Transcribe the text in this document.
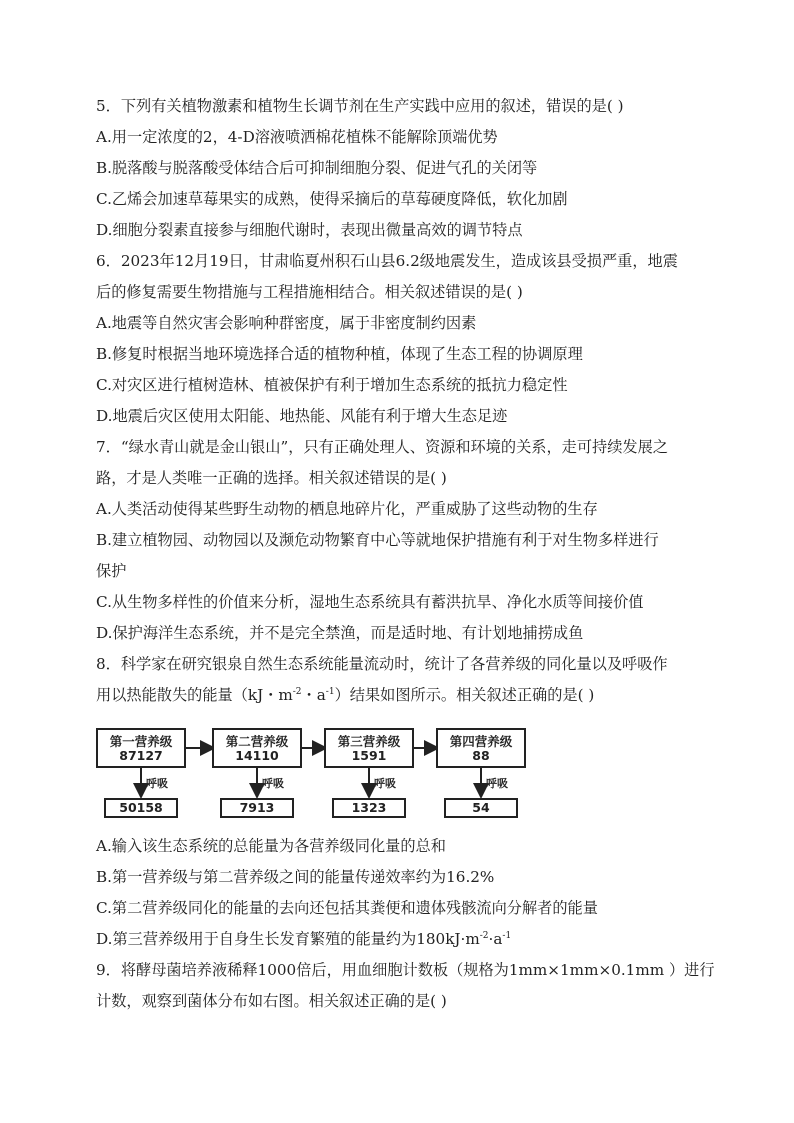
5．下列有关植物激素和植物生长调节剂在生产实践中应用的叙述，错误的是( )
A.用一定浓度的2，4-D溶液喷洒棉花植株不能解除顶端优势
B.脱落酸与脱落酸受体结合后可抑制细胞分裂、促进气孔的关闭等
C.乙烯会加速草莓果实的成熟，使得采摘后的草莓硬度降低，软化加剧
D.细胞分裂素直接参与细胞代谢时，表现出微量高效的调节特点
6．2023年12月19日，甘肃临夏州积石山县6.2级地震发生，造成该县受损严重，地震
后的修复需要生物措施与工程措施相结合。相关叙述错误的是( )
A.地震等自然灾害会影响种群密度，属于非密度制约因素
B.修复时根据当地环境选择合适的植物种植，体现了生态工程的协调原理
C.对灾区进行植树造林、植被保护有利于增加生态系统的抵抗力稳定性
D.地震后灾区使用太阳能、地热能、风能有利于增大生态足迹
7．“绿水青山就是金山银山”，只有正确处理人、资源和环境的关系，走可持续发展之
路，才是人类唯一正确的选择。相关叙述错误的是( )
A.人类活动使得某些野生动物的栖息地碎片化，严重威胁了这些动物的生存
B.建立植物园、动物园以及濒危动物繁育中心等就地保护措施有利于对生物多样进行
保护
C.从生物多样性的价值来分析，湿地生态系统具有蓄洪抗旱、净化水质等间接价值
D.保护海洋生态系统，并不是完全禁渔，而是适时地、有计划地捕捞成鱼
8．科学家在研究银泉自然生态系统能量流动时，统计了各营养级的同化量以及呼吸作
用以热能散失的能量（kJ・$m^{-2}$・$a^{-1}$）结果如图所示。相关叙述正确的是( )
第一营养级
87127
呼吸
50158
第二营养级
14110
呼吸
7913
第三营养级
1591
呼吸
1323
第四营养级
88
呼吸
54
A.输入该生态系统的总能量为各营养级同化量的总和
B.第一营养级与第二营养级之间的能量传递效率约为16.2%
C.第二营养级同化的能量的去向还包括其粪便和遗体残骸流向分解者的能量
D.第三营养级用于自身生长发育繁殖的能量约为$180kJ\cdot m^{-2}\cdot a^{-1}$
9．将酵母菌培养液稀释1000倍后，用血细胞计数板（规格为1mm×1mm×0.1mm ）进行
计数，观察到菌体分布如右图。相关叙述正确的是( )
